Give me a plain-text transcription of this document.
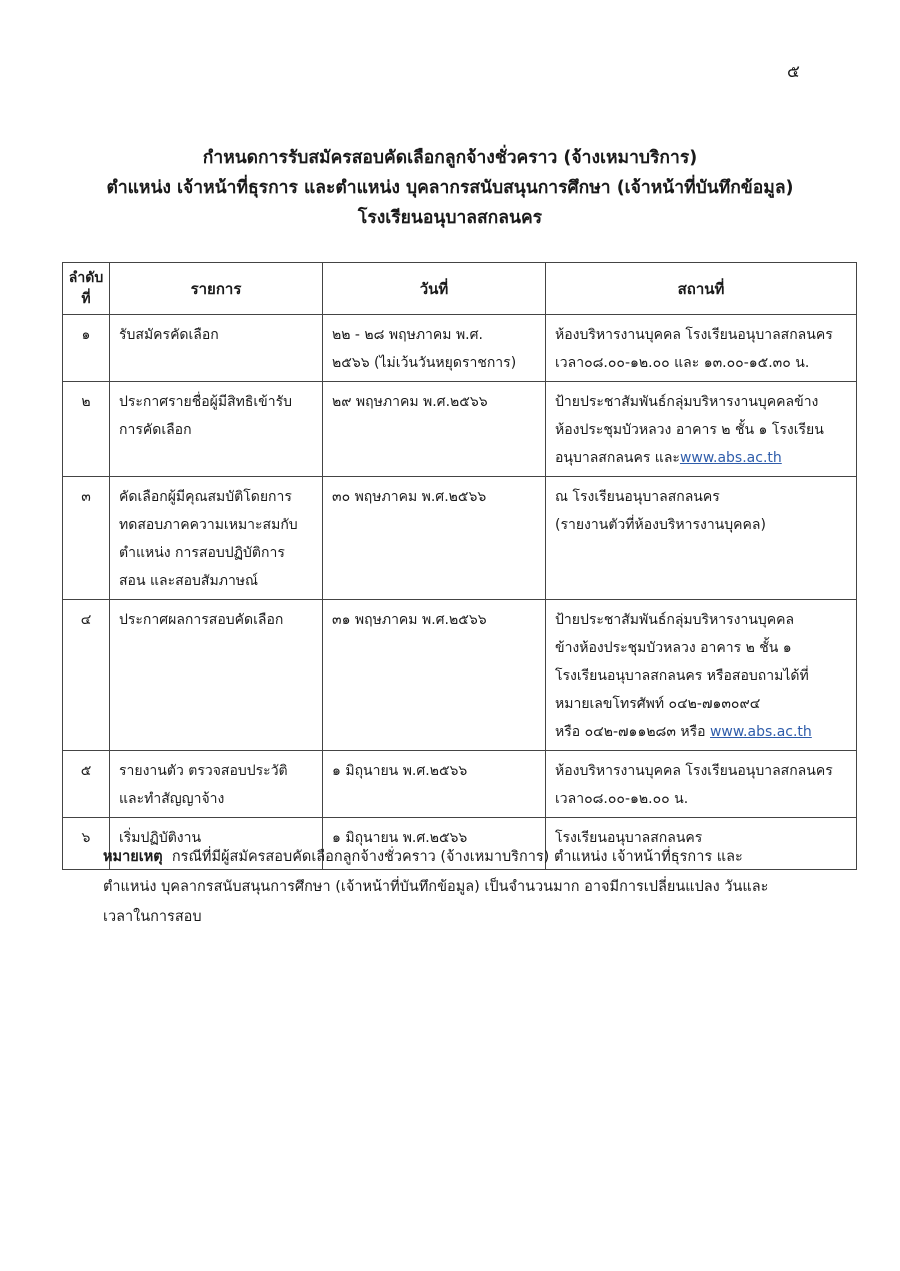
๕
กำหนดการรับสมัครสอบคัดเลือกลูกจ้างชั่วคราว (จ้างเหมาบริการ)
ตำแหน่ง เจ้าหน้าที่ธุรการ และตำแหน่ง บุคลากรสนับสนุนการศึกษา (เจ้าหน้าที่บันทึกข้อมูล)
โรงเรียนอนุบาลสกลนคร
ลำดับ
ที่	รายการ	วันที่	สถานที่
๑	รับสมัครคัดเลือก	๒๒ - ๒๘ พฤษภาคม พ.ศ.
๒๕๖๖ (ไม่เว้นวันหยุดราชการ)	ห้องบริหารงานบุคคล โรงเรียนอนุบาลสกลนคร
เวลา๐๘.๐๐-๑๒.๐๐ และ ๑๓.๐๐-๑๕.๓๐ น.

๒	ประกาศรายชื่อผู้มีสิทธิเข้ารับ
การคัดเลือก	๒๙ พฤษภาคม พ.ศ.๒๕๖๖	ป้ายประชาสัมพันธ์กลุ่มบริหารงานบุคคลข้าง
ห้องประชุมบัวหลวง อาคาร ๒ ชั้น ๑ โรงเรียน
อนุบาลสกลนคร และwww.abs.ac.th

๓	คัดเลือกผู้มีคุณสมบัติโดยการ
ทดสอบภาคความเหมาะสมกับ
ตำแหน่ง การสอบปฏิบัติการ
สอน และสอบสัมภาษณ์	๓๐ พฤษภาคม พ.ศ.๒๕๖๖	ณ โรงเรียนอนุบาลสกลนคร
(รายงานตัวที่ห้องบริหารงานบุคคล)

๔	ประกาศผลการสอบคัดเลือก	๓๑ พฤษภาคม พ.ศ.๒๕๖๖	ป้ายประชาสัมพันธ์กลุ่มบริหารงานบุคคล
ข้างห้องประชุมบัวหลวง อาคาร ๒ ชั้น ๑
โรงเรียนอนุบาลสกลนคร หรือสอบถามได้ที่
หมายเลขโทรศัพท์ ๐๔๒-๗๑๓๐๙๔
หรือ ๐๔๒-๗๑๑๒๘๓ หรือ www.abs.ac.th

๕	รายงานตัว ตรวจสอบประวัติ
และทำสัญญาจ้าง	๑ มิถุนายน พ.ศ.๒๕๖๖	ห้องบริหารงานบุคคล โรงเรียนอนุบาลสกลนคร
เวลา๐๘.๐๐-๑๒.๐๐ น.

๖	เริ่มปฏิบัติงาน	๑ มิถุนายน พ.ศ.๒๕๖๖	โรงเรียนอนุบาลสกลนคร
หมายเหตุ กรณีที่มีผู้สมัครสอบคัดเลือกลูกจ้างชั่วคราว (จ้างเหมาบริการ) ตำแหน่ง เจ้าหน้าที่ธุรการ และ
ตำแหน่ง บุคลากรสนับสนุนการศึกษา (เจ้าหน้าที่บันทึกข้อมูล) เป็นจำนวนมาก อาจมีการเปลี่ยนแปลง วันและ
เวลาในการสอบ
